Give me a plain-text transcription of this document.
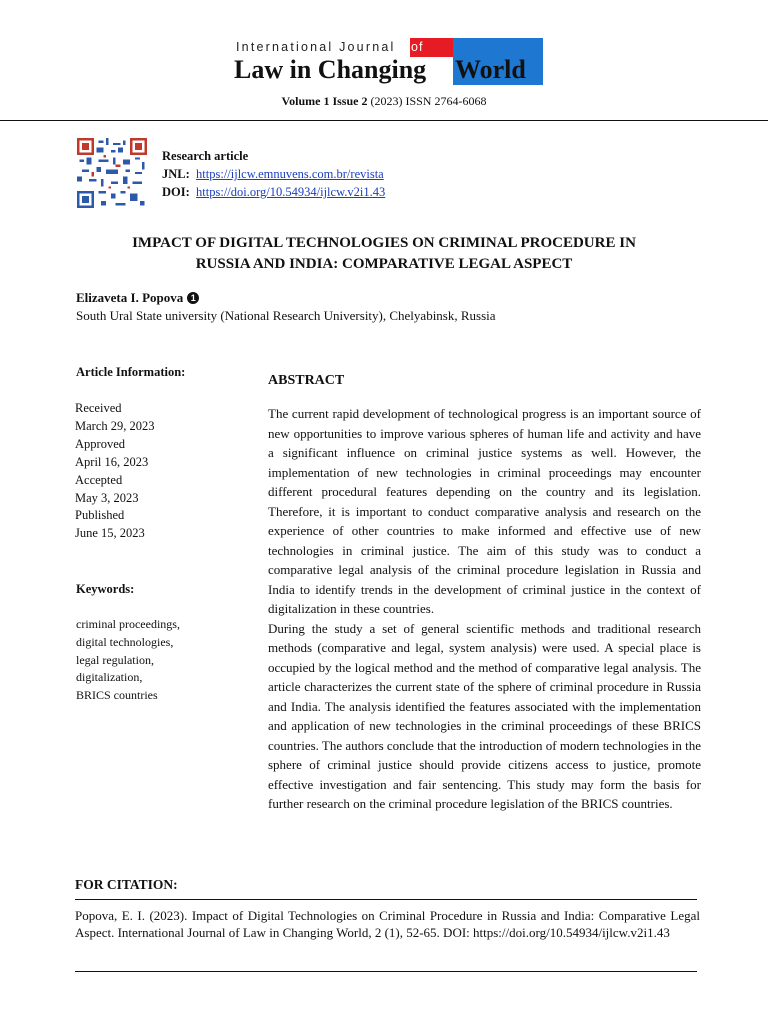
International Journal of
World
Law in Changing
Volume 1 Issue 2 (2023) ISSN 2764-6068
Research article
JNL: https://ijlcw.emnuvens.com.br/revista
DOI: https://doi.org/10.54934/ijlcw.v2i1.43
IMPACT OF DIGITAL TECHNOLOGIES ON CRIMINAL PROCEDURE IN
RUSSIA AND INDIA: COMPARATIVE LEGAL ASPECT
Elizaveta I. Popova 1
South Ural State university (National Research University), Chelyabinsk, Russia
Article Information:
Received
March 29, 2023
Approved
April 16, 2023
Accepted
May 3, 2023
Published
June 15, 2023
Keywords:
criminal proceedings,
digital technologies,
legal regulation,
digitalization,
BRICS countries
ABSTRACT

The current rapid development of technological progress is an important source of new opportunities to improve various spheres of human life and activity and have a significant influence on criminal justice systems as well. However, the implementation of new technologies in criminal proceedings may encounter different procedural features depending on the country and its legislation. Therefore, it is important to conduct comparative analysis and research on the experience of other countries to make informed and effective use of new technologies in criminal justice. The aim of this study was to conduct a comparative legal analysis of the criminal procedure legislation in Russia and India to identify trends in the development of criminal justice in the context of digitalization in these countries.

During the study a set of general scientific methods and traditional research methods (comparative and legal, system analysis) were used. A special place is occupied by the logical method and the method of comparative legal analysis. The article characterizes the current state of the sphere of criminal procedure in Russia and India. The analysis identified the features associated with the implementation and application of new technologies in the criminal proceedings of these BRICS countries. The authors conclude that the introduction of modern technologies in the sphere of criminal justice should provide citizens access to justice, promote effective investigation and fair sentencing. This study may form the basis for further research on the criminal procedure legislation of the BRICS countries.

FOR CITATION:
Popova, E. I. (2023). Impact of Digital Technologies on Criminal Procedure in Russia and India: Comparative Legal Aspect. International Journal of Law in Changing World, 2 (1), 52-65. DOI: https://doi.org/10.54934/ijlcw.v2i1.43
